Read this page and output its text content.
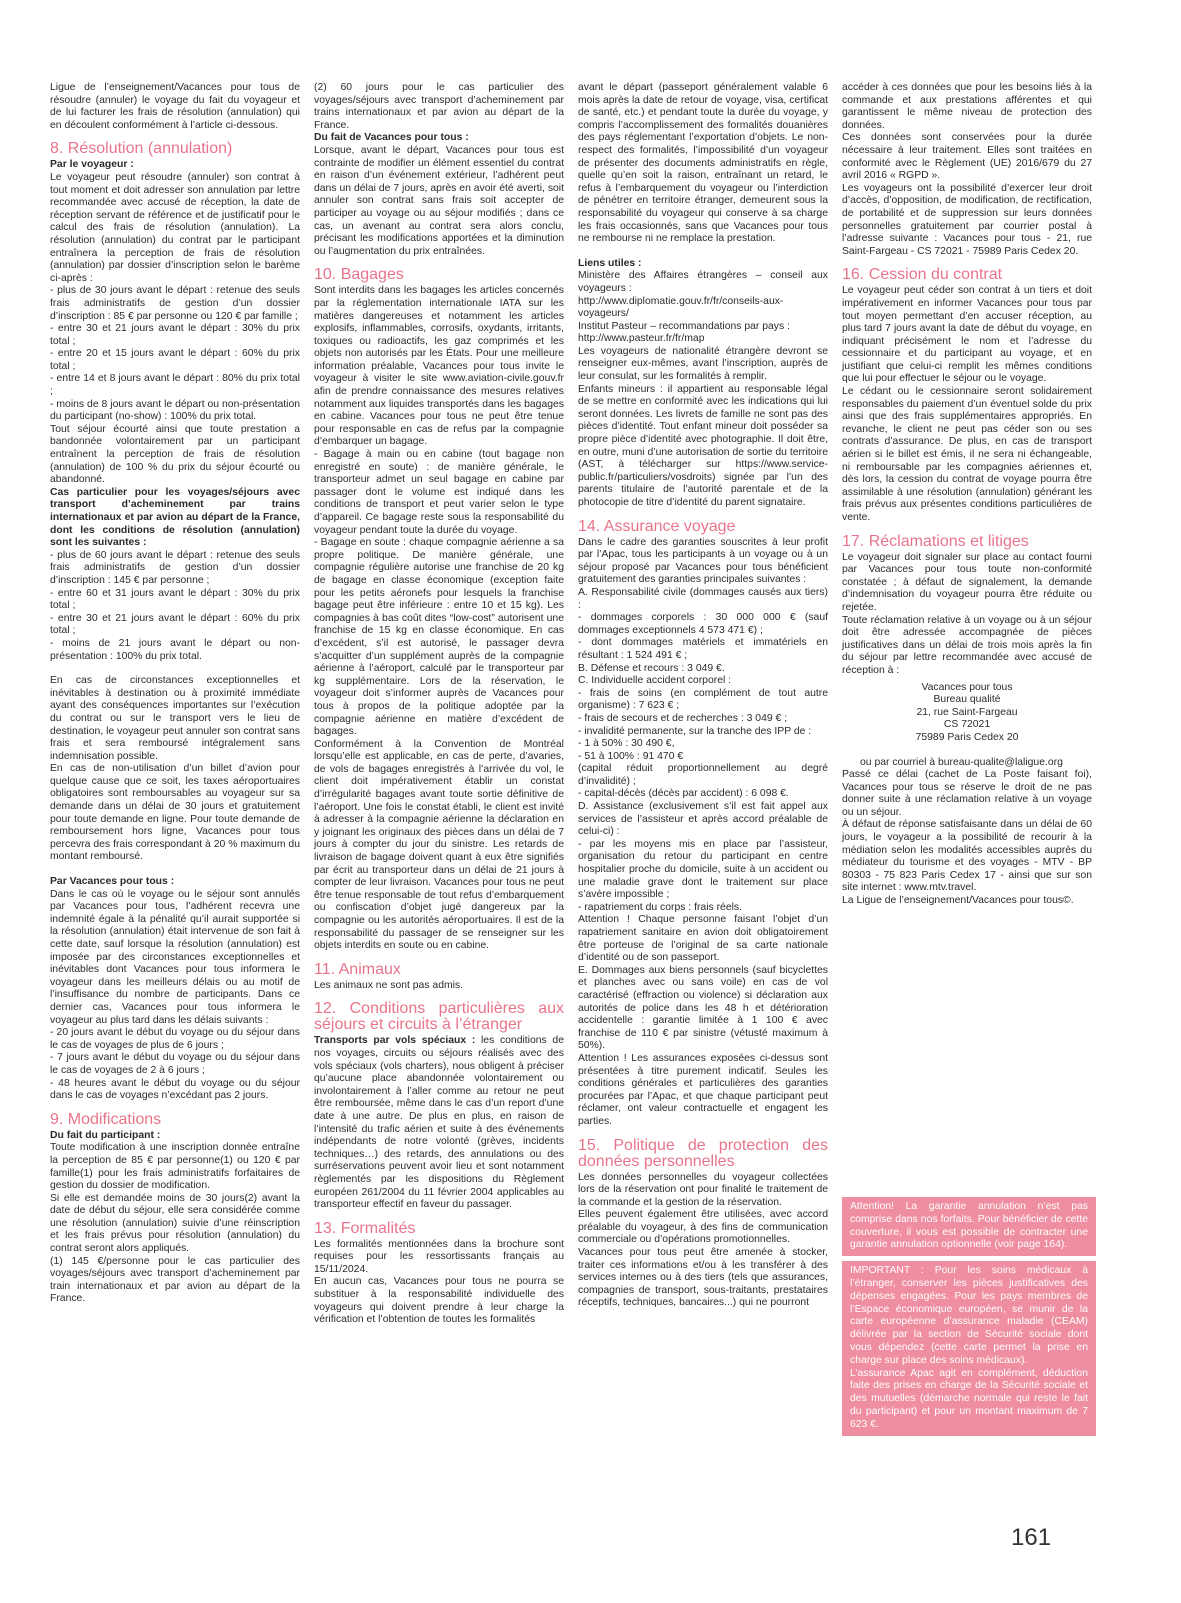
Ligue de l’enseignement/Vacances pour tous de résoudre (annuler) le voyage du fait du voyageur et de lui facturer les frais de résolution (annulation) qui en découlent conformément à l’article ci-dessous.

8. Résolution (annulation)

Par le voyageur :

Le voyageur peut résoudre (annuler) son contrat à tout moment et doit adresser son annulation par lettre recommandée avec accusé de réception, la date de réception servant de référence et de justificatif pour le calcul des frais de résolution (annulation). La résolution (annulation) du contrat par le participant entraînera la perception de frais de résolution (annulation) par dossier d’inscription selon le barème ci-après :
- plus de 30 jours avant le départ : retenue des seuls frais administratifs de gestion d’un dossier d’inscription : 85 € par personne ou 120 € par famille ;
- entre 30 et 21 jours avant le départ : 30% du prix total ;
- entre 20 et 15 jours avant le départ : 60% du prix total ;
- entre 14 et 8 jours avant le départ : 80% du prix total ;
- moins de 8 jours avant le départ ou non-présentation du participant (no-show) : 100% du prix total.
Tout séjour écourté ainsi que toute prestation a bandonnée volontairement par un participant entraînent la perception de frais de résolution (annulation) de 100 % du prix du séjour écourté ou abandonné.

Cas particulier pour les voyages/séjours avec transport d’acheminement par trains internationaux et par avion au départ de la France, dont les conditions de résolution (annulation) sont les suivantes :

- plus de 60 jours avant le départ : retenue des seuls frais administratifs de gestion d’un dossier d’inscription : 145 € par personne ;
- entre 60 et 31 jours avant le départ : 30% du prix total ;
- entre 30 et 21 jours avant le départ : 60% du prix total ;
- moins de 21 jours avant le départ ou non-présentation : 100% du prix total.

En cas de circonstances exceptionnelles et inévitables à destination ou à proximité immédiate ayant des conséquences importantes sur l’exécution du contrat ou sur le transport vers le lieu de destination, le voyageur peut annuler son contrat sans frais et sera remboursé intégralement sans indemnisation possible.
En cas de non-utilisation d’un billet d’avion pour quelque cause que ce soit, les taxes aéroportuaires obligatoires sont remboursables au voyageur sur sa demande dans un délai de 30 jours et gratuitement pour toute demande en ligne. Pour toute demande de remboursement hors ligne, Vacances pour tous percevra des frais correspondant à 20 % maximum du montant remboursé.

Par Vacances pour tous :

Dans le cas où le voyage ou le séjour sont annulés par Vacances pour tous, l’adhérent recevra une indemnité égale à la pénalité qu’il aurait supportée si la résolution (annulation) était intervenue de son fait à cette date, sauf lorsque la résolution (annulation) est imposée par des circonstances exceptionnelles et inévitables dont Vacances pour tous informera le voyageur dans les meilleurs délais ou au motif de l’insuffisance du nombre de participants. Dans ce dernier cas, Vacances pour tous informera le voyageur au plus tard dans les délais suivants :
- 20 jours avant le début du voyage ou du séjour dans le cas de voyages de plus de 6 jours ;
- 7 jours avant le début du voyage ou du séjour dans le cas de voyages de 2 à 6 jours ;
- 48 heures avant le début du voyage ou du séjour dans le cas de voyages n’excédant pas 2 jours.

9. Modifications

Du fait du participant :

Toute modification à une inscription donnée entraîne la perception de 85 € par personne(1) ou 120 € par famille(1) pour les frais administratifs forfaitaires de gestion du dossier de modification.
Si elle est demandée moins de 30 jours(2) avant la date de début du séjour, elle sera considérée comme une résolution (annulation) suivie d’une réinscription et les frais prévus pour résolution (annulation) du contrat seront alors appliqués.
(1) 145 €/personne pour le cas particulier des voyages/séjours avec transport d’acheminement par train internationaux et par avion au départ de la France.

(2) 60 jours pour le cas particulier des voyages/séjours avec transport d’acheminement par trains internationaux et par avion au départ de la France.

Du fait de Vacances pour tous :

Lorsque, avant le départ, Vacances pour tous est contrainte de modifier un élément essentiel du contrat en raison d’un événement extérieur, l’adhérent peut dans un délai de 7 jours, après en avoir été averti, soit annuler son contrat sans frais soit accepter de participer au voyage ou au séjour modifiés ; dans ce cas, un avenant au contrat sera alors conclu, précisant les modifications apportées et la diminution ou l’augmentation du prix entraînées.

10. Bagages

Sont interdits dans les bagages les articles concernés par la réglementation internationale IATA sur les matières dangereuses et notamment les articles explosifs, inflammables, corrosifs, oxydants, irritants, toxiques ou radioactifs, les gaz comprimés et les objets non autorisés par les États. Pour une meilleure information préalable, Vacances pour tous invite le voyageur à visiter le site www.aviation-civile.gouv.fr afin de prendre connaissance des mesures relatives notamment aux liquides transportés dans les bagages en cabine. Vacances pour tous ne peut être tenue pour responsable en cas de refus par la compagnie d’embarquer un bagage.
- Bagage à main ou en cabine (tout bagage non enregistré en soute) : de manière générale, le transporteur admet un seul bagage en cabine par passager dont le volume est indiqué dans les conditions de transport et peut varier selon le type d’appareil. Ce bagage reste sous la responsabilité du voyageur pendant toute la durée du voyage.
- Bagage en soute : chaque compagnie aérienne a sa propre politique. De manière générale, une compagnie régulière autorise une franchise de 20 kg de bagage en classe économique (exception faite pour les petits aéronefs pour lesquels la franchise bagage peut être inférieure : entre 10 et 15 kg). Les compagnies à bas coût dites “low-cost” autorisent une franchise de 15 kg en classe économique. En cas d’excédent, s’il est autorisé, le passager devra s’acquitter d’un supplément auprès de la compagnie aérienne à l’aéroport, calculé par le transporteur par kg supplémentaire. Lors de la réservation, le voyageur doit s’informer auprès de Vacances pour tous à propos de la politique adoptée par la compagnie aérienne en matière d’excédent de bagages.
Conformément à la Convention de Montréal lorsqu’elle est applicable, en cas de perte, d’avaries, de vols de bagages enregistrés à l’arrivée du vol, le client doit impérativement établir un constat d’irrégularité bagages avant toute sortie définitive de l’aéroport. Une fois le constat établi, le client est invité à adresser à la compagnie aérienne la déclaration en y joignant les originaux des pièces dans un délai de 7 jours à compter du jour du sinistre. Les retards de livraison de bagage doivent quant à eux être signifiés par écrit au transporteur dans un délai de 21 jours à compter de leur livraison. Vacances pour tous ne peut être tenue responsable de tout refus d’embarquement ou confiscation d’objet jugé dangereux par la compagnie ou les autorités aéroportuaires. Il est de la responsabilité du passager de se renseigner sur les objets interdits en soute ou en cabine.

11. Animaux

Les animaux ne sont pas admis.

12. Conditions particulières aux séjours et circuits à l’étranger

Transports par vols spéciaux : les conditions de nos voyages, circuits ou séjours réalisés avec des vols spéciaux (vols charters), nous obligent à préciser qu’aucune place abandonnée volontairement ou involontairement à l’aller comme au retour ne peut être remboursée, même dans le cas d’un report d’une date à une autre. De plus en plus, en raison de l’intensité du trafic aérien et suite à des événements indépendants de notre volonté (grèves, incidents techniques…) des retards, des annulations ou des surréservations peuvent avoir lieu et sont notamment règlementés par les dispositions du Règlement européen 261/2004 du 11 février 2004 applicables au transporteur effectif en faveur du passager.

13. Formalités

Les formalités mentionnées dans la brochure sont requises pour les ressortissants français au 15/11/2024.
En aucun cas, Vacances pour tous ne pourra se substituer à la responsabilité individuelle des voyageurs qui doivent prendre à leur charge la vérification et l’obtention de toutes les formalités

avant le départ (passeport généralement valable 6 mois après la date de retour de voyage, visa, certificat de santé, etc.) et pendant toute la durée du voyage, y compris l’accomplissement des formalités douanières des pays réglementant l’exportation d’objets. Le non-respect des formalités, l’impossibilité d’un voyageur de présenter des documents administratifs en règle, quelle qu’en soit la raison, entraînant un retard, le refus à l’embarquement du voyageur ou l’interdiction de pénétrer en territoire étranger, demeurent sous la responsabilité du voyageur qui conserve à sa charge les frais occasionnés, sans que Vacances pour tous ne rembourse ni ne remplace la prestation.

Liens utiles :

Ministère des Affaires étrangères – conseil aux voyageurs :
http://www.diplomatie.gouv.fr/fr/conseils-aux-voyageurs/
Institut Pasteur – recommandations par pays :
http://www.pasteur.fr/fr/map
Les voyageurs de nationalité étrangère devront se renseigner eux-mêmes, avant l’inscription, auprès de leur consulat, sur les formalités à remplir.
Enfants mineurs : il appartient au responsable légal de se mettre en conformité avec les indications qui lui seront données. Les livrets de famille ne sont pas des pièces d’identité. Tout enfant mineur doit posséder sa propre pièce d’identité avec photographie. Il doit être, en outre, muni d’une autorisation de sortie du territoire (AST, à télécharger sur https://www.service-public.fr/particuliers/vosdroits) signée par l’un des parents titulaire de l’autorité parentale et de la photocopie de titre d’identité du parent signataire.

14. Assurance voyage

Dans le cadre des garanties souscrites à leur profit par l’Apac, tous les participants à un voyage ou à un séjour proposé par Vacances pour tous bénéficient gratuitement des garanties principales suivantes :
A. Responsabilité civile (dommages causés aux tiers) :
- dommages corporels : 30 000 000 € (sauf dommages exceptionnels 4 573 471 €) ;
- dont dommages matériels et immatériels en résultant : 1 524 491 € ;
B. Défense et recours : 3 049 €.
C. Individuelle accident corporel :
- frais de soins (en complément de tout autre organisme) : 7 623 € ;
- frais de secours et de recherches : 3 049 € ;
- invalidité permanente, sur la tranche des IPP de :
- 1 à 50% : 30 490 €,
- 51 à 100% : 91 470 €
(capital réduit proportionnellement au degré d’invalidité) ;
- capital-décès (décès par accident) : 6 098 €.
D. Assistance (exclusivement s’il est fait appel aux services de l’assisteur et après accord préalable de celui-ci) :
- par les moyens mis en place par l’assisteur, organisation du retour du participant en centre hospitalier proche du domicile, suite à un accident ou une maladie grave dont le traitement sur place s’avère impossible ;
- rapatriement du corps : frais réels.
Attention ! Chaque personne faisant l’objet d’un rapatriement sanitaire en avion doit obligatoirement être porteuse de l’original de sa carte nationale d’identité ou de son passeport.
E. Dommages aux biens personnels (sauf bicyclettes et planches avec ou sans voile) en cas de vol caractérisé (effraction ou violence) si déclaration aux autorités de police dans les 48 h et détérioration accidentelle : garantie limitée à 1 100 € avec franchise de 110 € par sinistre (vétusté maximum à 50%).
Attention ! Les assurances exposées ci-dessus sont présentées à titre purement indicatif. Seules les conditions générales et particulières des garanties procurées par l’Apac, et que chaque participant peut réclamer, ont valeur contractuelle et engagent les parties.

15. Politique de protection des données personnelles

Les données personnelles du voyageur collectées lors de la réservation ont pour finalité le traitement de la commande et la gestion de la réservation.
Elles peuvent également être utilisées, avec accord préalable du voyageur, à des fins de communication commerciale ou d’opérations promotionnelles.
Vacances pour tous peut être amenée à stocker, traiter ces informations et/ou à les transférer à des services internes ou à des tiers (tels que assurances, compagnies de transport, sous-traitants, prestataires réceptifs, techniques, bancaires...) qui ne pourront

accéder à ces données que pour les besoins liés à la commande et aux prestations afférentes et qui garantissent le même niveau de protection des données.
Ces données sont conservées pour la durée nécessaire à leur traitement. Elles sont traitées en conformité avec le Règlement (UE) 2016/679 du 27 avril 2016 « RGPD ».
Les voyageurs ont la possibilité d’exercer leur droit d’accès, d’opposition, de modification, de rectification, de portabilité et de suppression sur leurs données personnelles gratuitement par courrier postal à l’adresse suivante : Vacances pour tous - 21, rue Saint-Fargeau - CS 72021 - 75989 Paris Cedex 20.

16. Cession du contrat

Le voyageur peut céder son contrat à un tiers et doit impérativement en informer Vacances pour tous par tout moyen permettant d’en accuser réception, au plus tard 7 jours avant la date de début du voyage, en indiquant précisément le nom et l’adresse du cessionnaire et du participant au voyage, et en justifiant que celui-ci remplit les mêmes conditions que lui pour effectuer le séjour ou le voyage.
Le cédant ou le cessionnaire seront solidairement responsables du paiement d’un éventuel solde du prix ainsi que des frais supplémentaires appropriés. En revanche, le client ne peut pas céder son ou ses contrats d’assurance. De plus, en cas de transport aérien si le billet est émis, il ne sera ni échangeable, ni remboursable par les compagnies aériennes et, dès lors, la cession du contrat de voyage pourra être assimilable à une résolution (annulation) générant les frais prévus aux présentes conditions particulières de vente.

17. Réclamations et litiges

Le voyageur doit signaler sur place au contact fourni par Vacances pour tous toute non-conformité constatée ; à défaut de signalement, la demande d’indemnisation du voyageur pourra être réduite ou rejetée.
Toute réclamation relative à un voyage ou à un séjour doit être adressée accompagnée de pièces justificatives dans un délai de trois mois après la fin du séjour par lettre recommandée avec accusé de réception à :

Vacances pour tous
Bureau qualité
21, rue Saint-Fargeau
CS 72021
75989 Paris Cedex 20

ou par courriel à bureau-qualite@laligue.org
Passé ce délai (cachet de La Poste faisant foi), Vacances pour tous se réserve le droit de ne pas donner suite à une réclamation relative à un voyage ou un séjour.
À défaut de réponse satisfaisante dans un délai de 60 jours, le voyageur a la possibilité de recourir à la médiation selon les modalités accessibles auprès du médiateur du tourisme et des voyages - MTV - BP 80303 - 75 823 Paris Cedex 17 - ainsi que sur son site internet : www.mtv.travel.
La Ligue de l’enseignement/Vacances pour tous©.

Attention! La garantie annulation n’est pas comprise dans nos forfaits. Pour bénéficier de cette couverture, il vous est possible de contracter une garantie annulation optionnelle (voir page 164).
IMPORTANT : Pour les soins médicaux à l’étranger, conserver les pièces justificatives des dépenses engagées. Pour les pays membres de l’Espace économique européen, se munir de la carte européenne d’assurance maladie (CEAM) délivrée par la section de Sécurité sociale dont vous dépendez (cette carte permet la prise en charge sur place des soins médicaux).
L’assurance Apac agit en complément, déduction faite des prises en charge de la Sécurité sociale et des mutuelles (démarche normale qui reste le fait du participant) et pour un montant maximum de 7 623 €.
161
